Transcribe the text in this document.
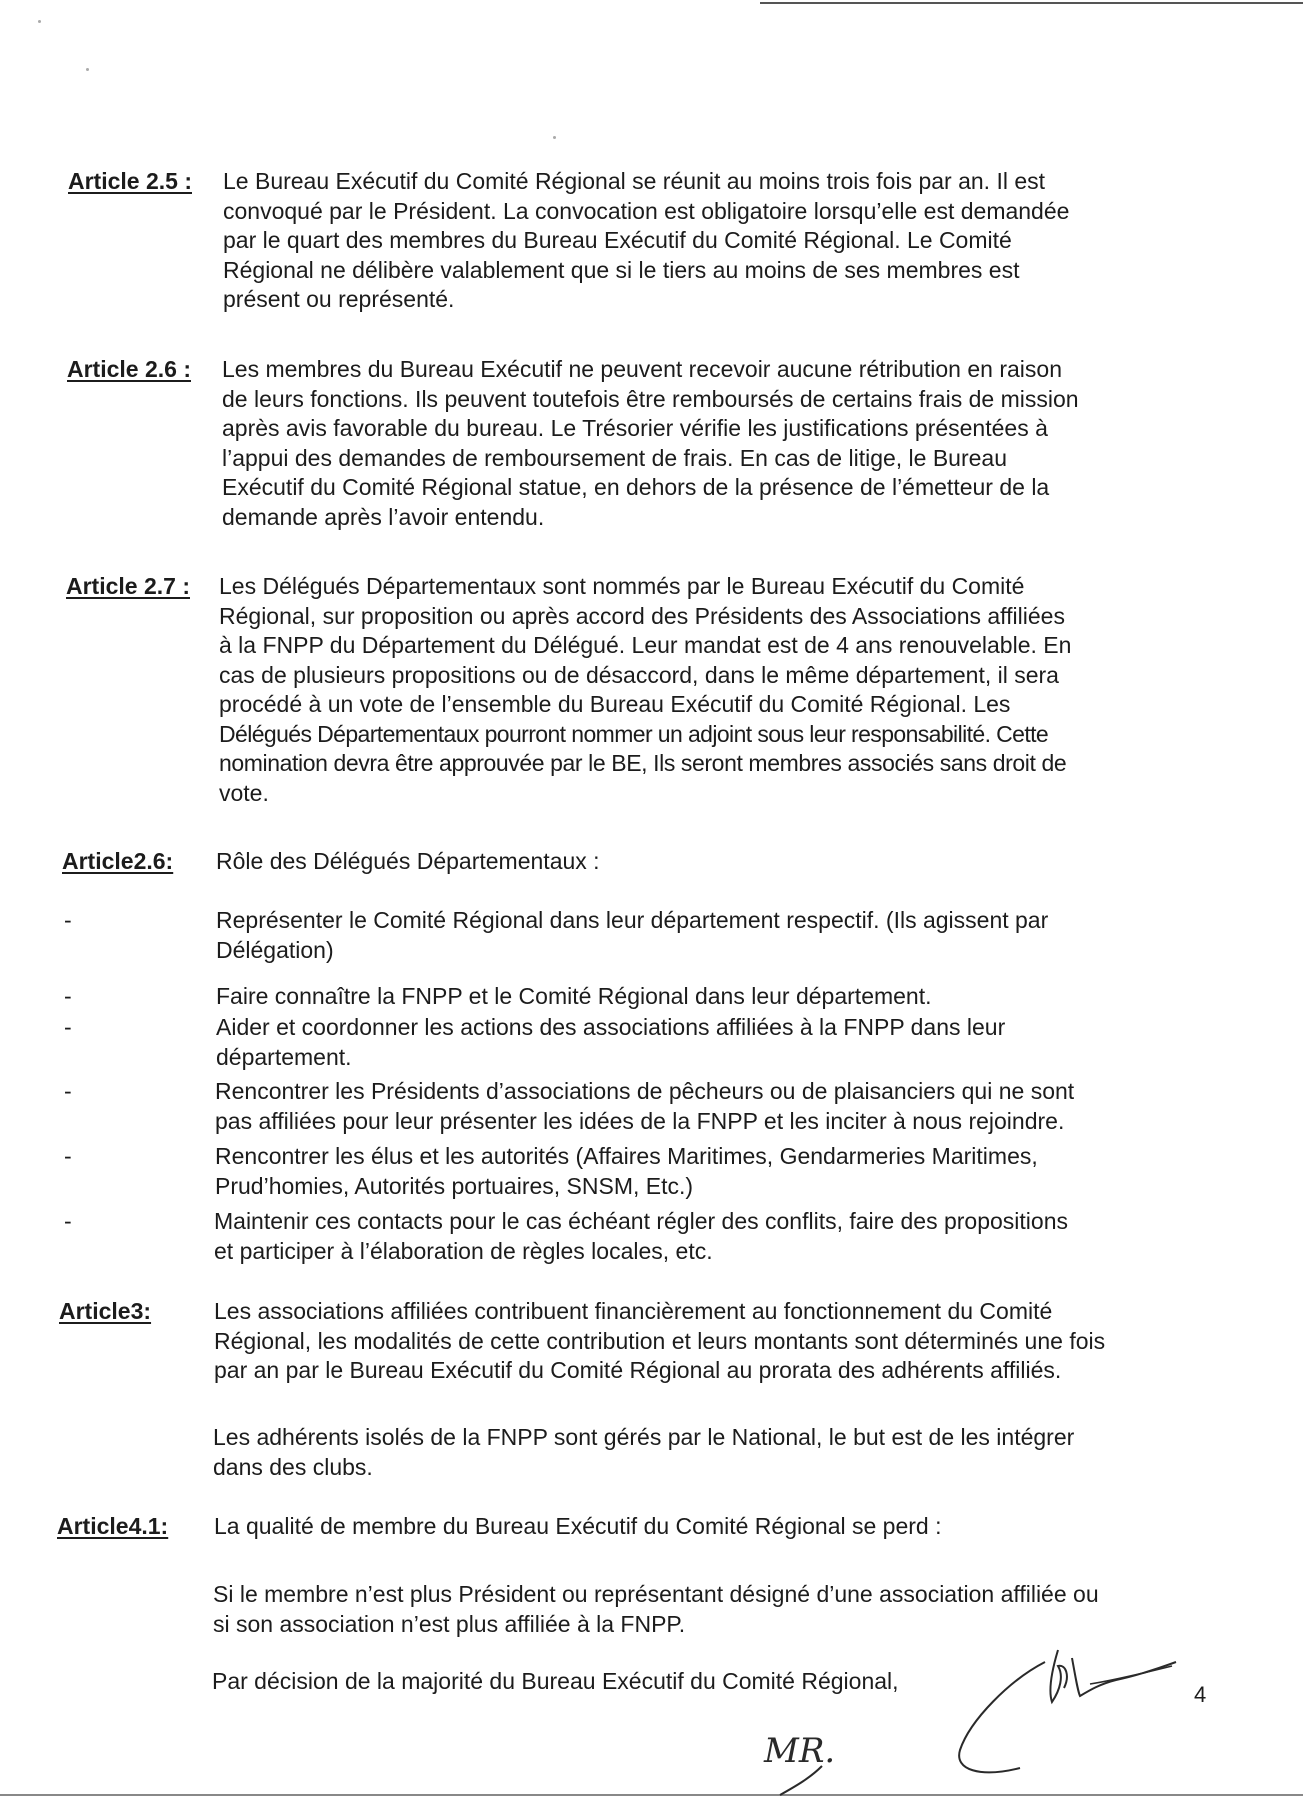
Article 2.5 : Le Bureau Exécutif du Comité Régional se réunit au moins trois fois par an. Il est
convoqué par le Président. La convocation est obligatoire lorsqu’elle est demandée
par le quart des membres du Bureau Exécutif du Comité Régional. Le Comité
Régional ne délibère valablement que si le tiers au moins de ses membres est
présent ou représenté.
Article 2.6 : Les membres du Bureau Exécutif ne peuvent recevoir aucune rétribution en raison
de leurs fonctions. Ils peuvent toutefois être remboursés de certains frais de mission
après avis favorable du bureau. Le Trésorier vérifie les justifications présentées à
l’appui des demandes de remboursement de frais. En cas de litige, le Bureau
Exécutif du Comité Régional statue, en dehors de la présence de l’émetteur de la
demande après l’avoir entendu.
Article 2.7 : Les Délégués Départementaux sont nommés par le Bureau Exécutif du Comité
Régional, sur proposition ou après accord des Présidents des Associations affiliées
à la FNPP du Département du Délégué. Leur mandat est de 4 ans renouvelable. En
cas de plusieurs propositions ou de désaccord, dans le même département, il sera
procédé à un vote de l’ensemble du Bureau Exécutif du Comité Régional. Les
Délégués Départementaux pourront nommer un adjoint sous leur responsabilité. Cette
nomination devra être approuvée par le BE, Ils seront membres associés sans droit de
vote.
Article2.6: Rôle des Délégués Départementaux :
-	Représenter le Comité Régional dans leur département respectif. (Ils agissent par
Délégation)
-	Faire connaître la FNPP et le Comité Régional dans leur département.
-	Aider et coordonner les actions des associations affiliées à la FNPP dans leur
département.
-	Rencontrer les Présidents d’associations de pêcheurs ou de plaisanciers qui ne sont
pas affiliées pour leur présenter les idées de la FNPP et les inciter à nous rejoindre.
-	Rencontrer les élus et les autorités (Affaires Maritimes, Gendarmeries Maritimes,
Prud’homies, Autorités portuaires, SNSM, Etc.)
-	Maintenir ces contacts pour le cas échéant régler des conflits, faire des propositions
et participer à l’élaboration de règles locales, etc.
Article3:	Les associations affiliées contribuent financièrement au fonctionnement du Comité
Régional, les modalités de cette contribution et leurs montants sont déterminés une fois
par an par le Bureau Exécutif du Comité Régional au prorata des adhérents affiliés.
Les adhérents isolés de la FNPP sont gérés par le National, le but est de les intégrer
dans des clubs.
Article4.1: La qualité de membre du Bureau Exécutif du Comité Régional se perd :
Si le membre n’est plus Président ou représentant désigné d’une association affiliée ou
si son association n’est plus affiliée à la FNPP.
Par décision de la majorité du Bureau Exécutif du Comité Régional,
4
MR.
